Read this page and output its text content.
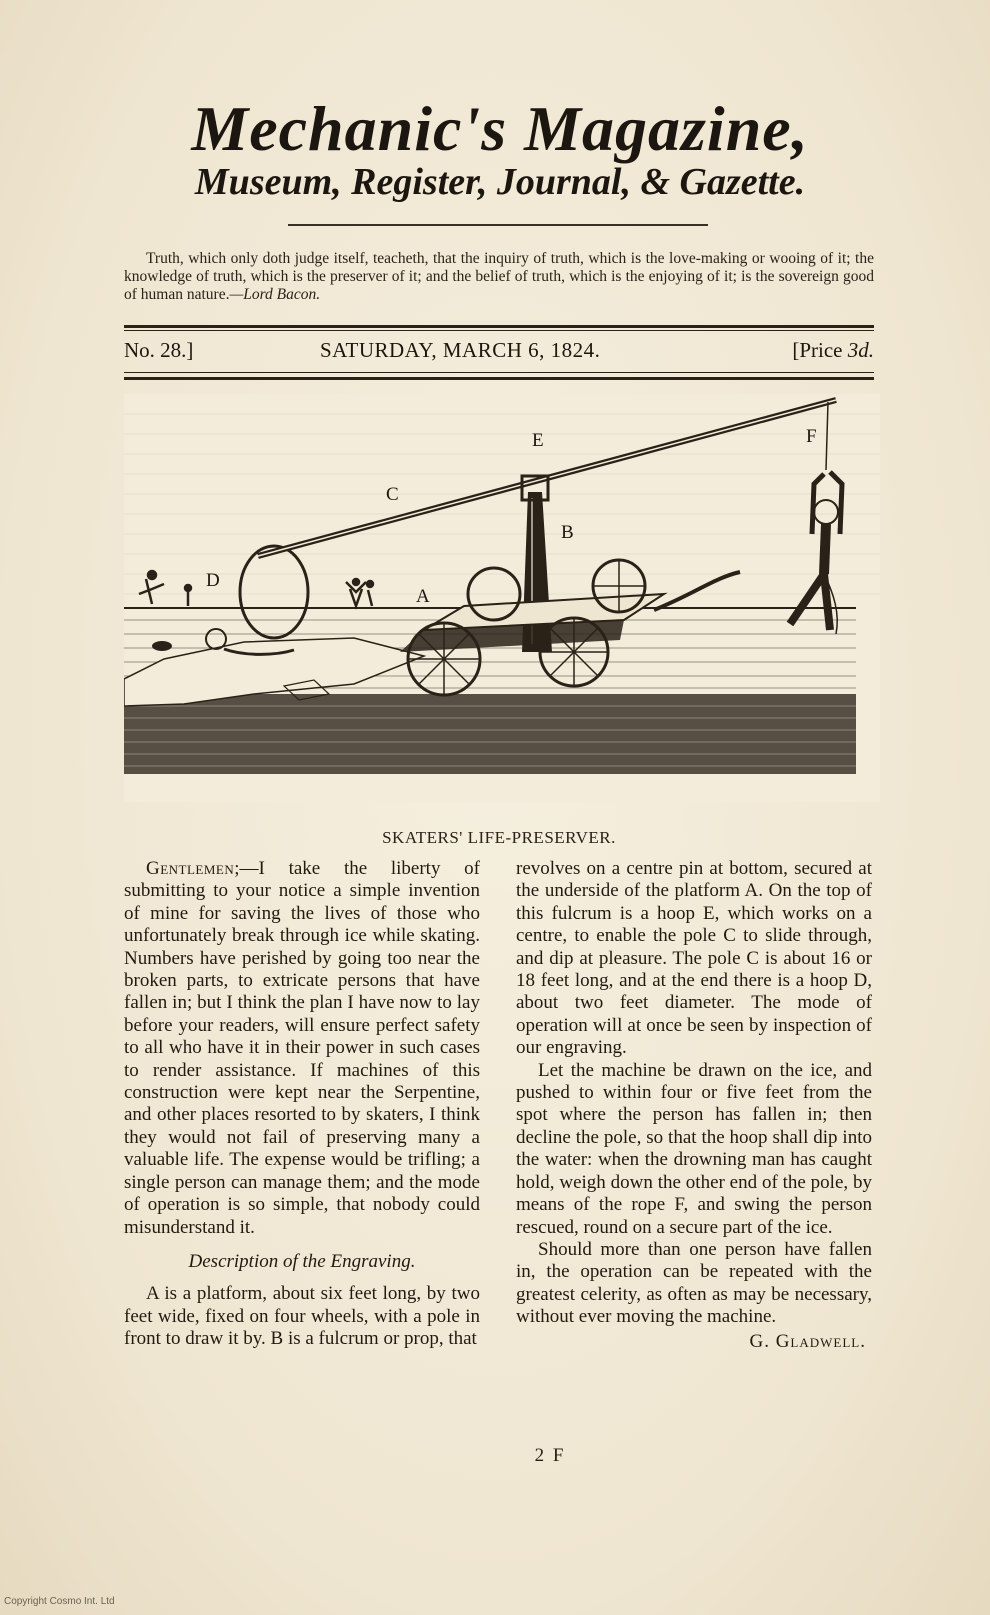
Mechanic's Magazine,
Museum, Register, Journal, & Gazette.
Truth, which only doth judge itself, teacheth, that the inquiry of truth, which is the love-making or wooing of it; the knowledge of truth, which is the preserver of it; and the belief of truth, which is the enjoying of it; is the sovereign good of human nature.—Lord Bacon.
No. 28.]	SATURDAY, MARCH 6, 1824.	[Price 3d.
A
B
C
D
E	F
SKATERS' LIFE-PRESERVER.

Gentlemen;—I take the liberty of submitting to your notice a simple invention of mine for saving the lives of those who unfortunately break through ice while skating. Numbers have perished by going too near the broken parts, to extricate persons that have fallen in; but I think the plan I have now to lay before your readers, will ensure perfect safety to all who have it in their power in such cases to render assistance. If machines of this construction were kept near the Serpentine, and other places resorted to by skaters, I think they would not fail of preserving many a valuable life. The expense would be trifling; a single person can manage them; and the mode of operation is so simple, that nobody could misunderstand it.

Description of the Engraving.

A is a platform, about six feet long, by two feet wide, fixed on four wheels, with a pole in front to draw it by. B is a fulcrum or prop, that

revolves on a centre pin at bottom, secured at the underside of the platform A. On the top of this fulcrum is a hoop E, which works on a centre, to enable the pole C to slide through, and dip at pleasure. The pole C is about 16 or 18 feet long, and at the end there is a hoop D, about two feet diameter. The mode of operation will at once be seen by inspection of our engraving.

Let the machine be drawn on the ice, and pushed to within four or five feet from the spot where the person has fallen in; then decline the pole, so that the hoop shall dip into the water: when the drowning man has caught hold, weigh down the other end of the pole, by means of the rope F, and swing the person rescued, round on a secure part of the ice.

Should more than one person have fallen in, the operation can be repeated with the greatest celerity, as often as may be necessary, without ever moving the machine.

G. Gladwell.

2 F
Copyright Cosmo Int. Ltd
